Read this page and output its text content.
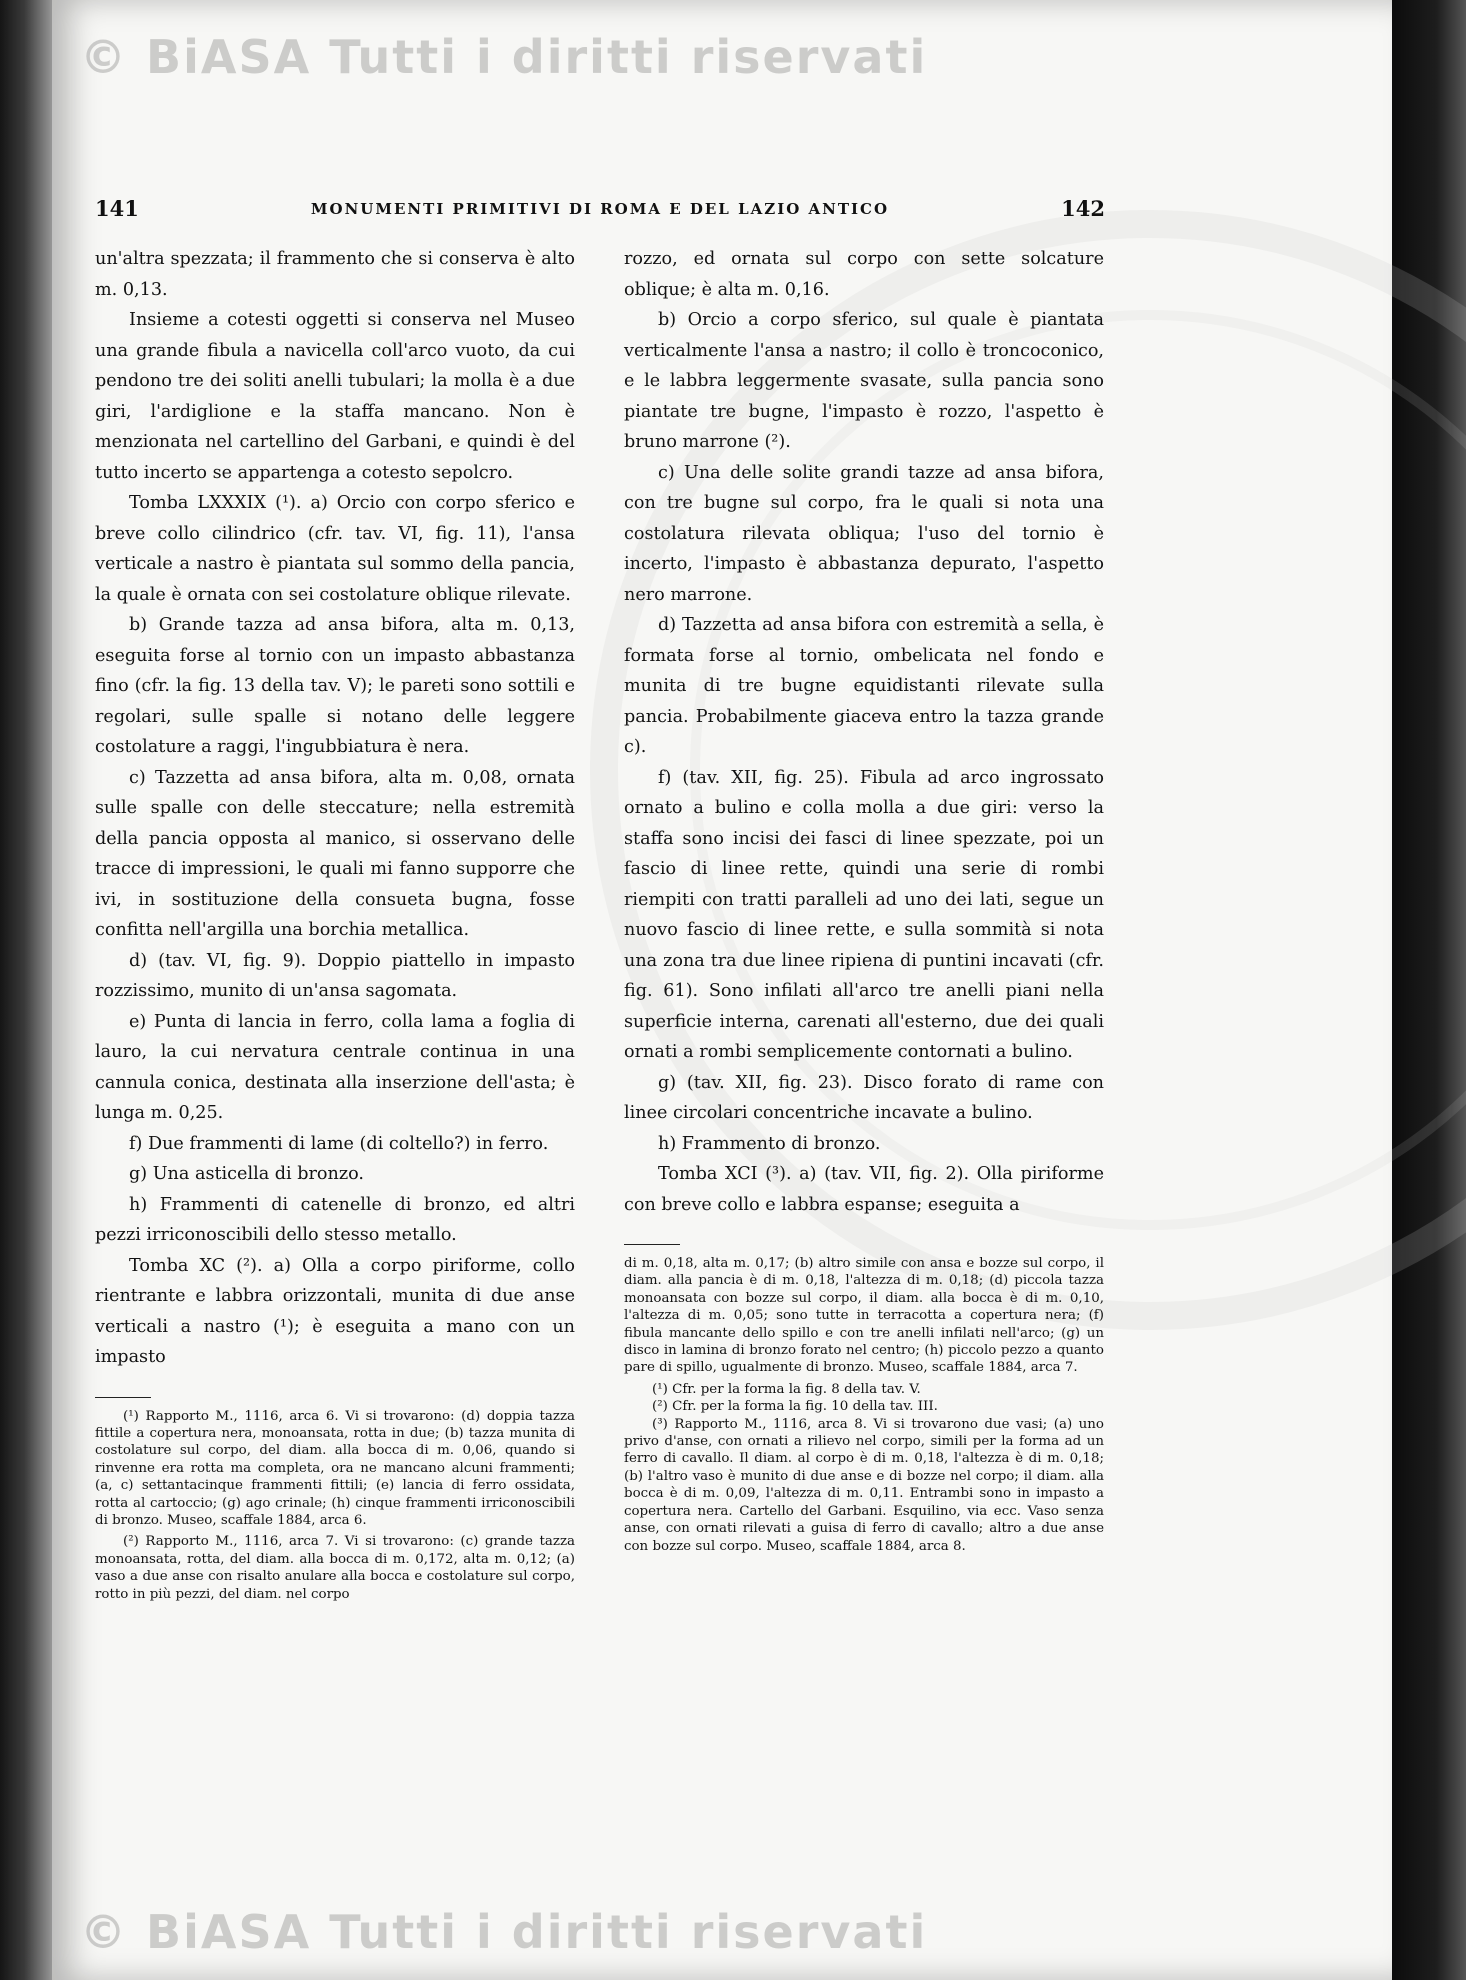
© BiASA Tutti i diritti riservati
© BiASA Tutti i diritti riservati
141	MONUMENTI PRIMITIVI DI ROMA E DEL LAZIO ANTICO	142

un'altra spezzata; il frammento che si conserva è alto m. 0,13.

Insieme a cotesti oggetti si conserva nel Museo una grande fibula a navicella coll'arco vuoto, da cui pendono tre dei soliti anelli tubulari; la molla è a due giri, l'ardiglione e la staffa mancano. Non è menzionata nel cartellino del Garbani, e quindi è del tutto incerto se appartenga a cotesto sepolcro.

Tomba LXXXIX (¹). a) Orcio con corpo sferico e breve collo cilindrico (cfr. tav. VI, fig. 11), l'ansa verticale a nastro è piantata sul sommo della pancia, la quale è ornata con sei costolature oblique rilevate.

b) Grande tazza ad ansa bifora, alta m. 0,13, eseguita forse al tornio con un impasto abbastanza fino (cfr. la fig. 13 della tav. V); le pareti sono sottili e regolari, sulle spalle si notano delle leggere costolature a raggi, l'ingubbiatura è nera.

c) Tazzetta ad ansa bifora, alta m. 0,08, ornata sulle spalle con delle steccature; nella estremità della pancia opposta al manico, si osservano delle tracce di impressioni, le quali mi fanno supporre che ivi, in sostituzione della consueta bugna, fosse confitta nell'argilla una borchia metallica.

d) (tav. VI, fig. 9). Doppio piattello in impasto rozzissimo, munito di un'ansa sagomata.

e) Punta di lancia in ferro, colla lama a foglia di lauro, la cui nervatura centrale continua in una cannula conica, destinata alla inserzione dell'asta; è lunga m. 0,25.

f) Due frammenti di lame (di coltello?) in ferro.

g) Una asticella di bronzo.

h) Frammenti di catenelle di bronzo, ed altri pezzi irriconoscibili dello stesso metallo.

Tomba XC (²). a) Olla a corpo piriforme, collo rientrante e labbra orizzontali, munita di due anse verticali a nastro (¹); è eseguita a mano con un impasto

(¹) Rapporto M., 1116, arca 6. Vi si trovarono: (d) doppia tazza fittile a copertura nera, monoansata, rotta in due; (b) tazza munita di costolature sul corpo, del diam. alla bocca di m. 0,06, quando si rinvenne era rotta ma completa, ora ne mancano alcuni frammenti; (a, c) settantacinque frammenti fittili; (e) lancia di ferro ossidata, rotta al cartoccio; (g) ago crinale; (h) cinque frammenti irriconoscibili di bronzo. Museo, scaffale 1884, arca 6.

(²) Rapporto M., 1116, arca 7. Vi si trovarono: (c) grande tazza monoansata, rotta, del diam. alla bocca di m. 0,172, alta m. 0,12; (a) vaso a due anse con risalto anulare alla bocca e costolature sul corpo, rotto in più pezzi, del diam. nel corpo

rozzo, ed ornata sul corpo con sette solcature oblique; è alta m. 0,16.

b) Orcio a corpo sferico, sul quale è piantata verticalmente l'ansa a nastro; il collo è troncoconico, e le labbra leggermente svasate, sulla pancia sono piantate tre bugne, l'impasto è rozzo, l'aspetto è bruno marrone (²).

c) Una delle solite grandi tazze ad ansa bifora, con tre bugne sul corpo, fra le quali si nota una costolatura rilevata obliqua; l'uso del tornio è incerto, l'impasto è abbastanza depurato, l'aspetto nero marrone.

d) Tazzetta ad ansa bifora con estremità a sella, è formata forse al tornio, ombelicata nel fondo e munita di tre bugne equidistanti rilevate sulla pancia. Probabilmente giaceva entro la tazza grande c).

f) (tav. XII, fig. 25). Fibula ad arco ingrossato ornato a bulino e colla molla a due giri: verso la staffa sono incisi dei fasci di linee spezzate, poi un fascio di linee rette, quindi una serie di rombi riempiti con tratti paralleli ad uno dei lati, segue un nuovo fascio di linee rette, e sulla sommità si nota una zona tra due linee ripiena di puntini incavati (cfr. fig. 61). Sono infilati all'arco tre anelli piani nella superficie interna, carenati all'esterno, due dei quali ornati a rombi semplicemente contornati a bulino.

g) (tav. XII, fig. 23). Disco forato di rame con linee circolari concentriche incavate a bulino.

h) Frammento di bronzo.

Tomba XCI (³). a) (tav. VII, fig. 2). Olla piriforme con breve collo e labbra espanse; eseguita a

di m. 0,18, alta m. 0,17; (b) altro simile con ansa e bozze sul corpo, il diam. alla pancia è di m. 0,18, l'altezza di m. 0,18; (d) piccola tazza monoansata con bozze sul corpo, il diam. alla bocca è di m. 0,10, l'altezza di m. 0,05; sono tutte in terracotta a copertura nera; (f) fibula mancante dello spillo e con tre anelli infilati nell'arco; (g) un disco in lamina di bronzo forato nel centro; (h) piccolo pezzo a quanto pare di spillo, ugualmente di bronzo. Museo, scaffale 1884, arca 7.

(¹) Cfr. per la forma la fig. 8 della tav. V.

(²) Cfr. per la forma la fig. 10 della tav. III.

(³) Rapporto M., 1116, arca 8. Vi si trovarono due vasi; (a) uno privo d'anse, con ornati a rilievo nel corpo, simili per la forma ad un ferro di cavallo. Il diam. al corpo è di m. 0,18, l'altezza è di m. 0,18; (b) l'altro vaso è munito di due anse e di bozze nel corpo; il diam. alla bocca è di m. 0,09, l'altezza di m. 0,11. Entrambi sono in impasto a copertura nera. Cartello del Garbani. Esquilino, via ecc. Vaso senza anse, con ornati rilevati a guisa di ferro di cavallo; altro a due anse con bozze sul corpo. Museo, scaffale 1884, arca 8.
